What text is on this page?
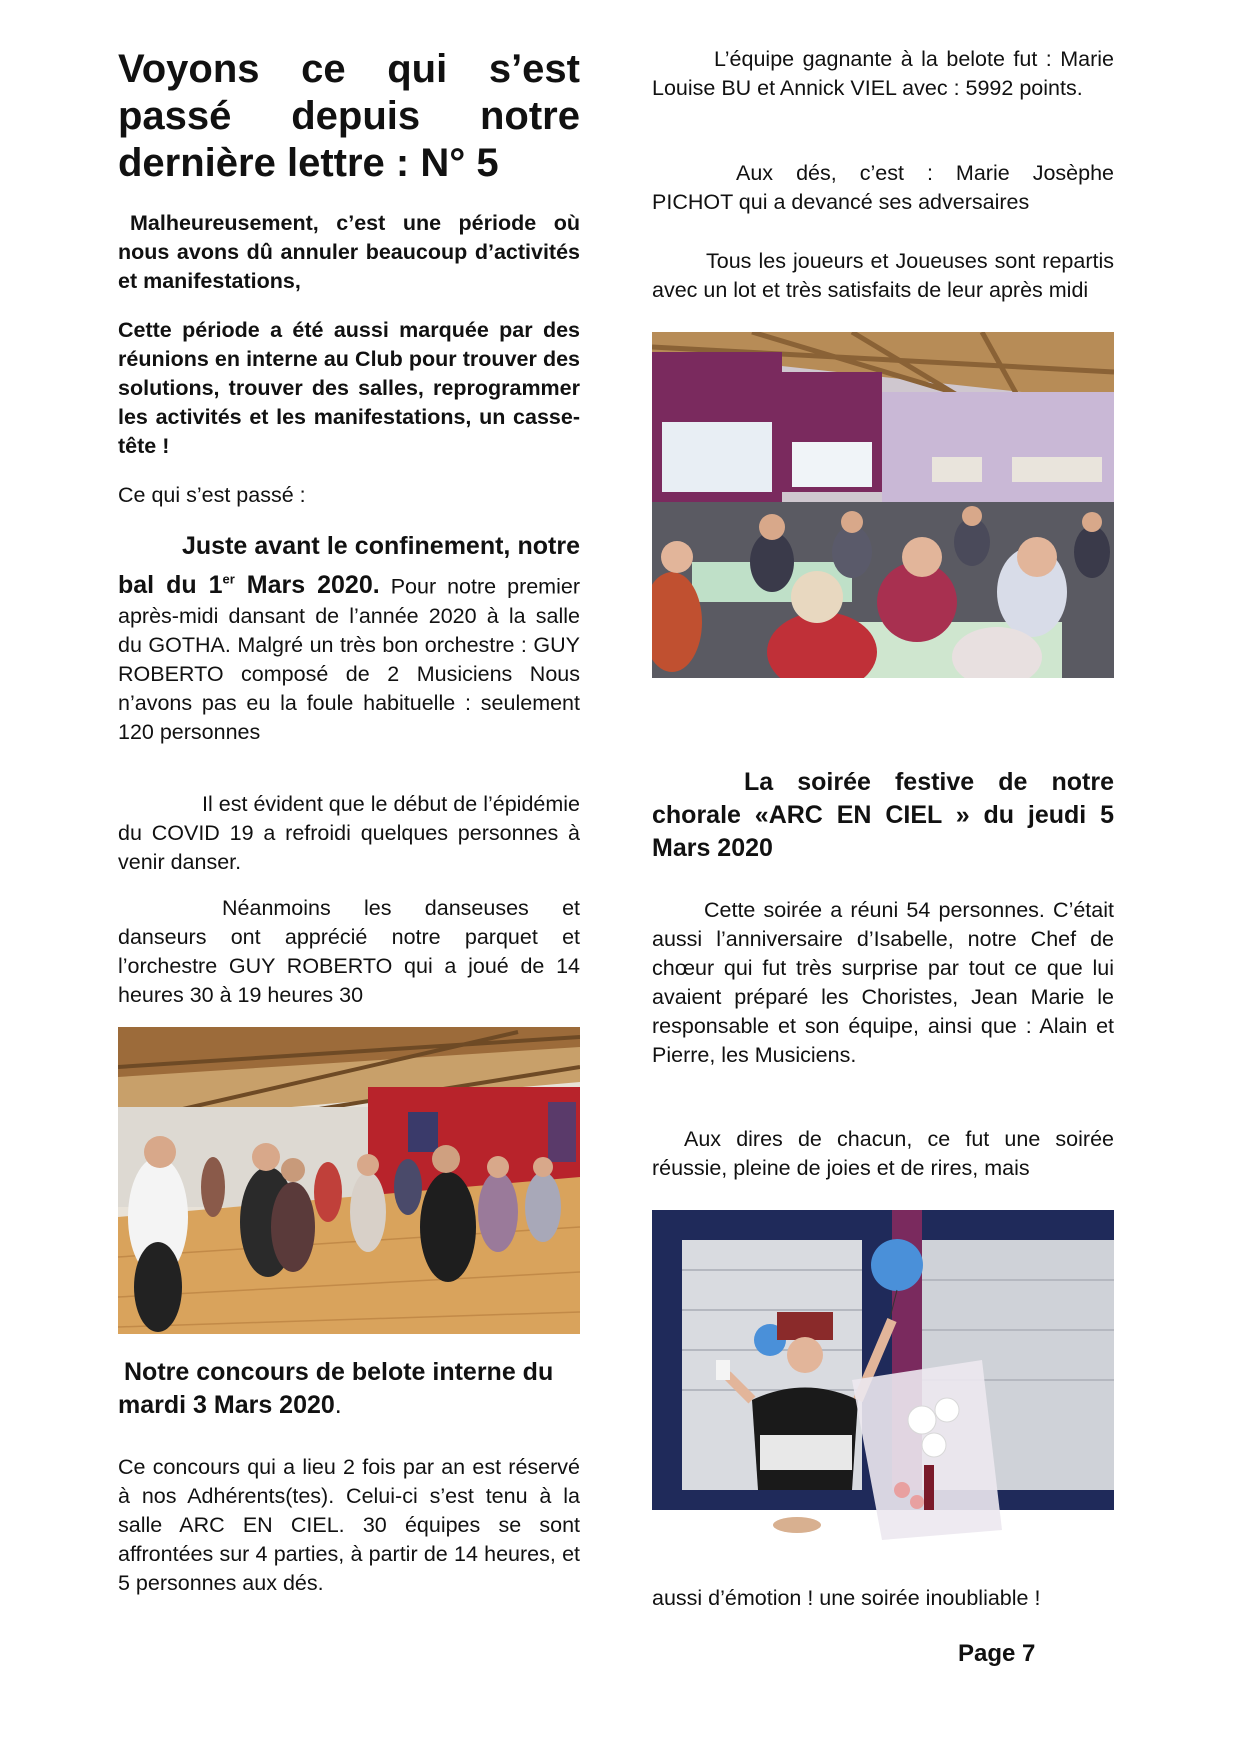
Voyons ce qui s’est passé depuis notre
dernière lettre : N° 5

Malheureusement, c’est une période où nous avons dû annuler beaucoup d’activités et manifestations,

Cette période a été aussi marquée par des réunions en interne au Club pour trouver des solutions, trouver des salles, reprogrammer les activités et les manifestations, un casse-tête !

Ce qui s’est passé :

Juste avant le confinement, notre bal du 1er Mars 2020. Pour notre premier après-midi dansant de l’année 2020 à la salle du GOTHA. Malgré un très bon orchestre : GUY ROBERTO composé de 2 Musiciens Nous n’avons pas eu la foule habituelle : seulement 120 personnes

Il est évident que le début de l’épidémie du COVID 19 a refroidi quelques personnes à venir danser.

Néanmoins les danseuses et danseurs ont apprécié notre parquet et l’orchestre GUY ROBERTO qui a joué de 14 heures 30 à 19 heures 30

Notre concours de belote interne du mardi 3 Mars 2020.

Ce concours qui a lieu 2 fois par an est réservé à nos Adhérents(tes). Celui-ci s’est tenu à la salle ARC EN CIEL. 30 équipes se sont affrontées sur 4 parties, à partir de 14 heures, et 5 personnes aux dés.

L’équipe gagnante à la belote fut : Marie Louise BU et Annick VIEL avec : 5992 points.

Aux dés, c’est : Marie Josèphe PICHOT qui a devancé ses adversaires

Tous les joueurs et Joueuses sont repartis avec un lot et très satisfaits de leur après midi

La soirée festive de notre chorale «ARC EN CIEL » du jeudi 5 Mars 2020

Cette soirée a réuni 54 personnes. C’était aussi l’anniversaire d’Isabelle, notre Chef de chœur qui fut très surprise par tout ce que lui avaient préparé les Choristes, Jean Marie le responsable et son équipe, ainsi que : Alain et Pierre, les Musiciens.

Aux dires de chacun, ce fut une soirée réussie, pleine de joies et de rires, mais

aussi d’émotion ! une soirée inoubliable !

Page 7
